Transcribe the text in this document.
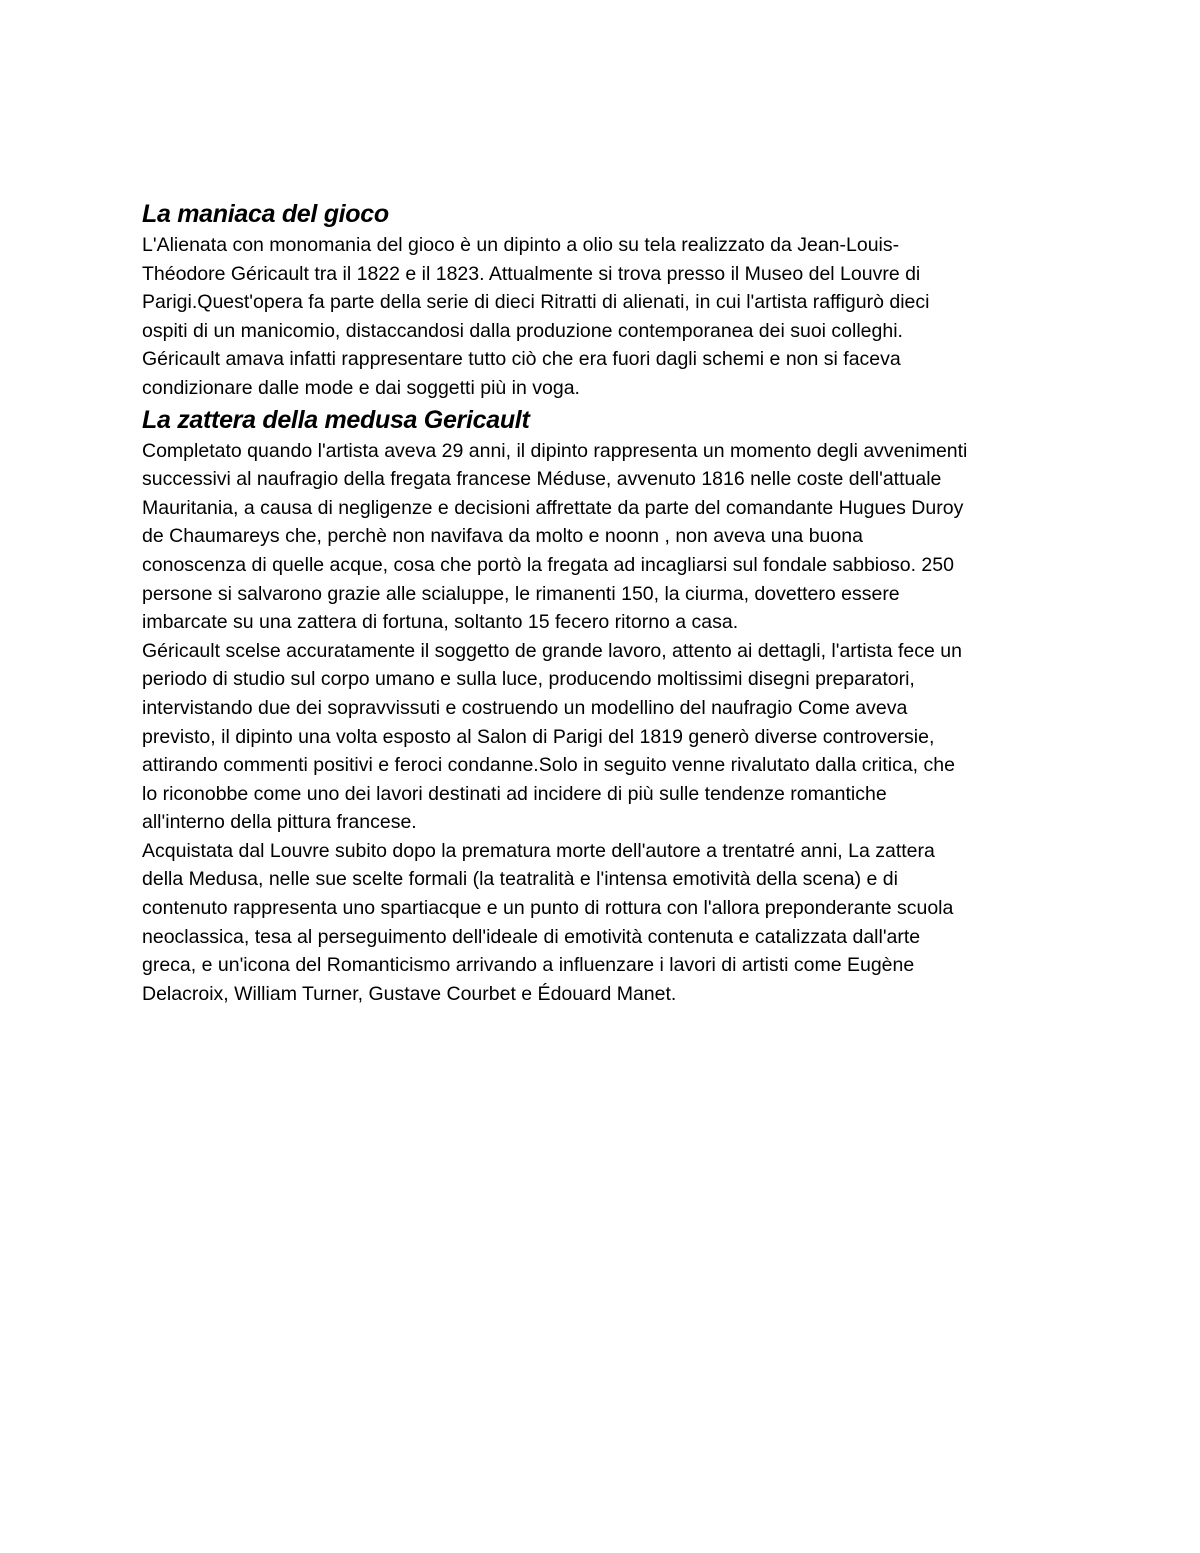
La maniaca del gioco

L'Alienata con monomania del gioco è un dipinto a olio su tela realizzato da Jean-Louis-
Théodore Géricault tra il 1822 e il 1823. Attualmente si trova presso il Museo del Louvre di
Parigi.Quest'opera fa parte della serie di dieci Ritratti di alienati, in cui l'artista raffigurò dieci
ospiti di un manicomio, distaccandosi dalla produzione contemporanea dei suoi colleghi.
Géricault amava infatti rappresentare tutto ciò che era fuori dagli schemi e non si faceva
condizionare dalle mode e dai soggetti più in voga.

La zattera della medusa Gericault

Completato quando l'artista aveva 29 anni, il dipinto rappresenta un momento degli avvenimenti
successivi al naufragio della fregata francese Méduse, avvenuto 1816 nelle coste dell'attuale
Mauritania, a causa di negligenze e decisioni affrettate da parte del comandante Hugues Duroy
de Chaumareys che, perchè non navifava da molto e noonn , non aveva una buona
conoscenza di quelle acque, cosa che portò la fregata ad incagliarsi sul fondale sabbioso. 250
persone si salvarono grazie alle scialuppe, le rimanenti 150, la ciurma, dovettero essere
imbarcate su una zattera di fortuna, soltanto 15 fecero ritorno a casa.

Géricault scelse accuratamente il soggetto de grande lavoro, attento ai dettagli, l'artista fece un
periodo di studio sul corpo umano e sulla luce, producendo moltissimi disegni preparatori,
intervistando due dei sopravvissuti e costruendo un modellino del naufragio Come aveva
previsto, il dipinto una volta esposto al Salon di Parigi del 1819 generò diverse controversie,
attirando commenti positivi e feroci condanne.Solo in seguito venne rivalutato dalla critica, che
lo riconobbe come uno dei lavori destinati ad incidere di più sulle tendenze romantiche
all'interno della pittura francese.

Acquistata dal Louvre subito dopo la prematura morte dell'autore a trentatré anni, La zattera
della Medusa, nelle sue scelte formali (la teatralità e l'intensa emotività della scena) e di
contenuto rappresenta uno spartiacque e un punto di rottura con l'allora preponderante scuola
neoclassica, tesa al perseguimento dell'ideale di emotività contenuta e catalizzata dall'arte
greca, e un'icona del Romanticismo arrivando a influenzare i lavori di artisti come Eugène
Delacroix, William Turner, Gustave Courbet e Édouard Manet.
